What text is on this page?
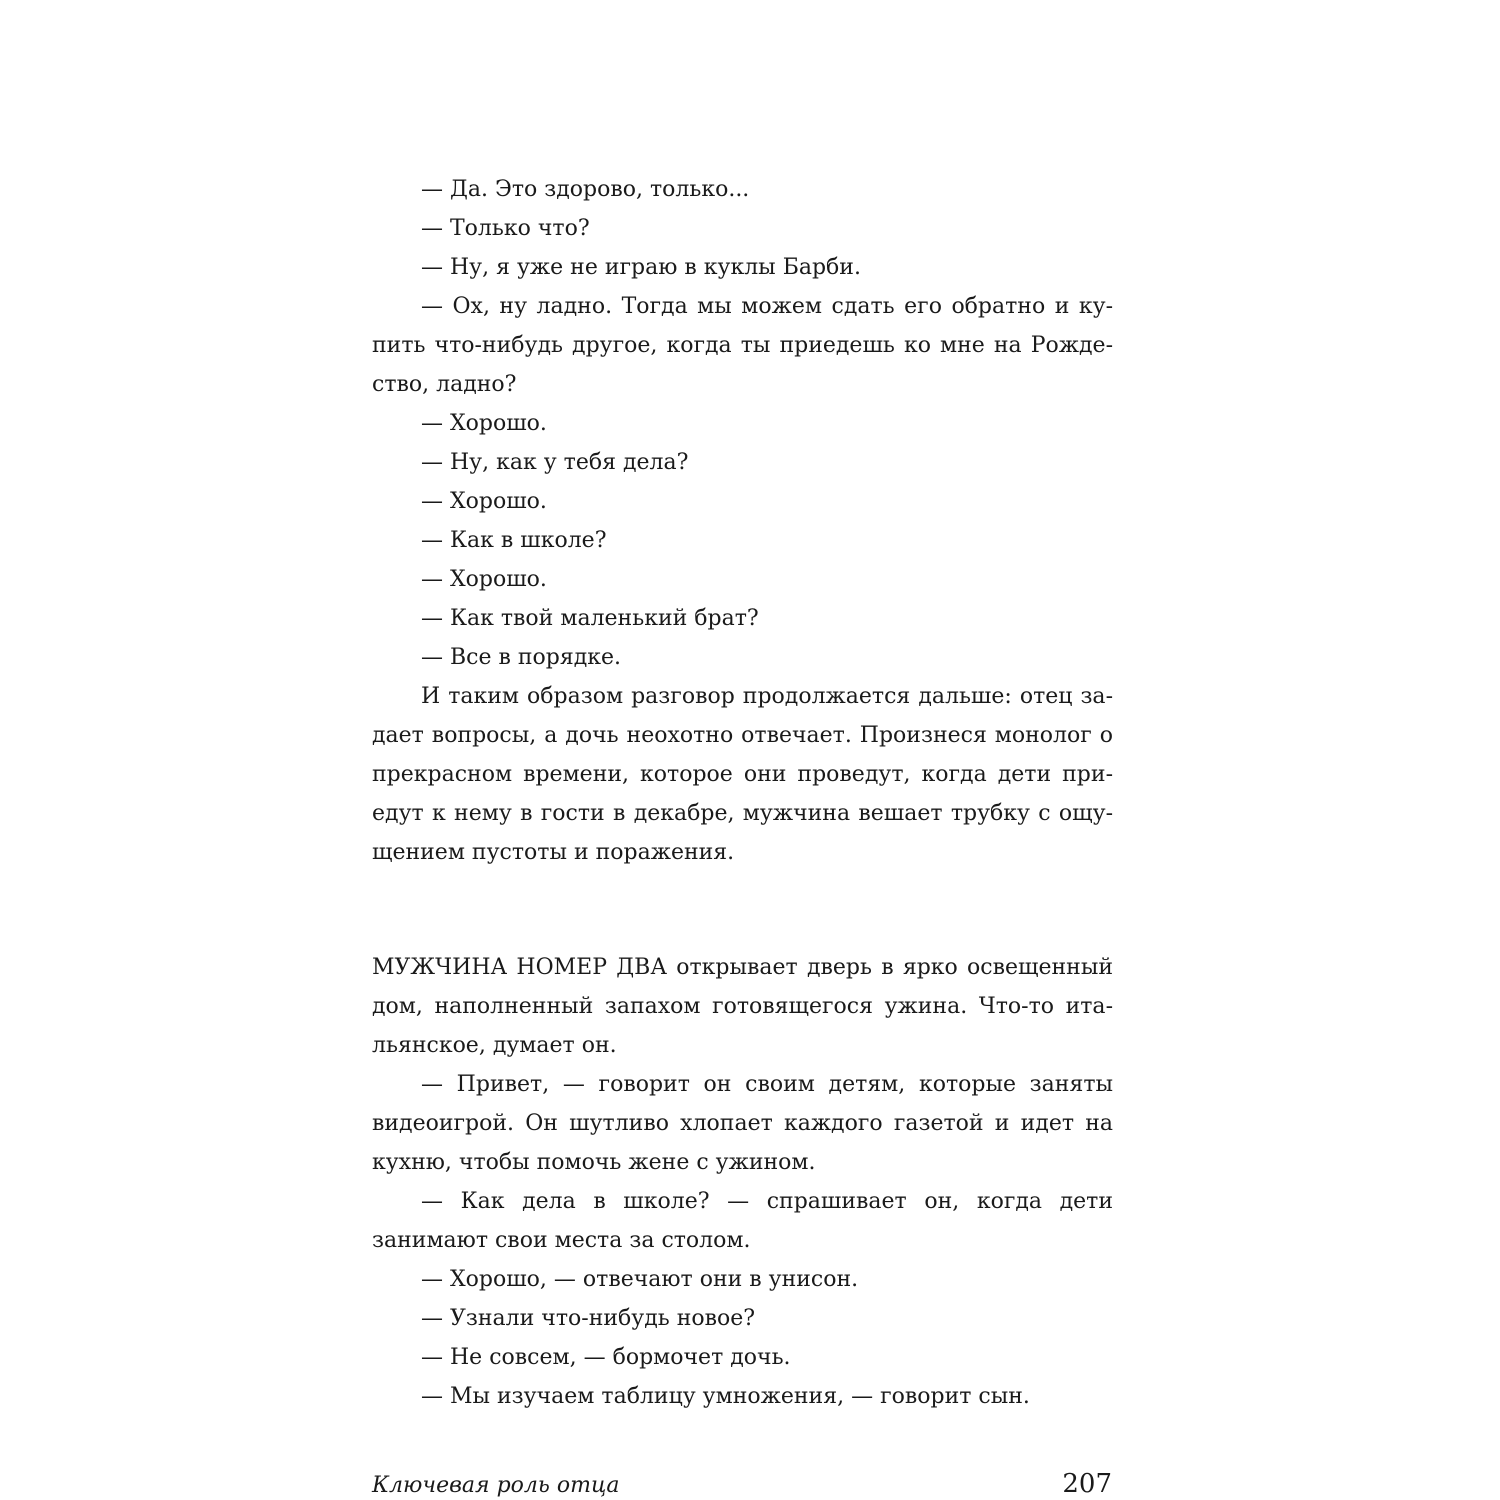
— Да. Это здорово, только...

— Только что?

— Ну, я уже не играю в куклы Барби.

— Ох, ну ладно. Тогда мы можем сдать его обратно и купить что-нибудь другое, когда ты приедешь ко мне на Рождество, ладно?

— Хорошо.

— Ну, как у тебя дела?

— Хорошо.

— Как в школе?

— Хорошо.

— Как твой маленький брат?

— Все в порядке.

И таким образом разговор продолжается дальше: отец задает вопросы, а дочь неохотно отвечает. Произнеся монолог о прекрасном времени, которое они проведут, когда дети приедут к нему в гости в декабре, мужчина вешает трубку с ощущением пустоты и поражения.

МУЖЧИНА НОМЕР ДВА открывает дверь в ярко освещенный дом, наполненный запахом готовящегося ужина. Что-то итальянское, думает он.

— Привет, — говорит он своим детям, которые заняты видеоигрой. Он шутливо хлопает каждого газетой и идет на кухню, чтобы помочь жене с ужином.

— Как дела в школе? — спрашивает он, когда дети занимают свои места за столом.

— Хорошо, — отвечают они в унисон.

— Узнали что-нибудь новое?

— Не совсем, — бормочет дочь.

— Мы изучаем таблицу умножения, — говорит сын.

Ключевая роль отца	207
